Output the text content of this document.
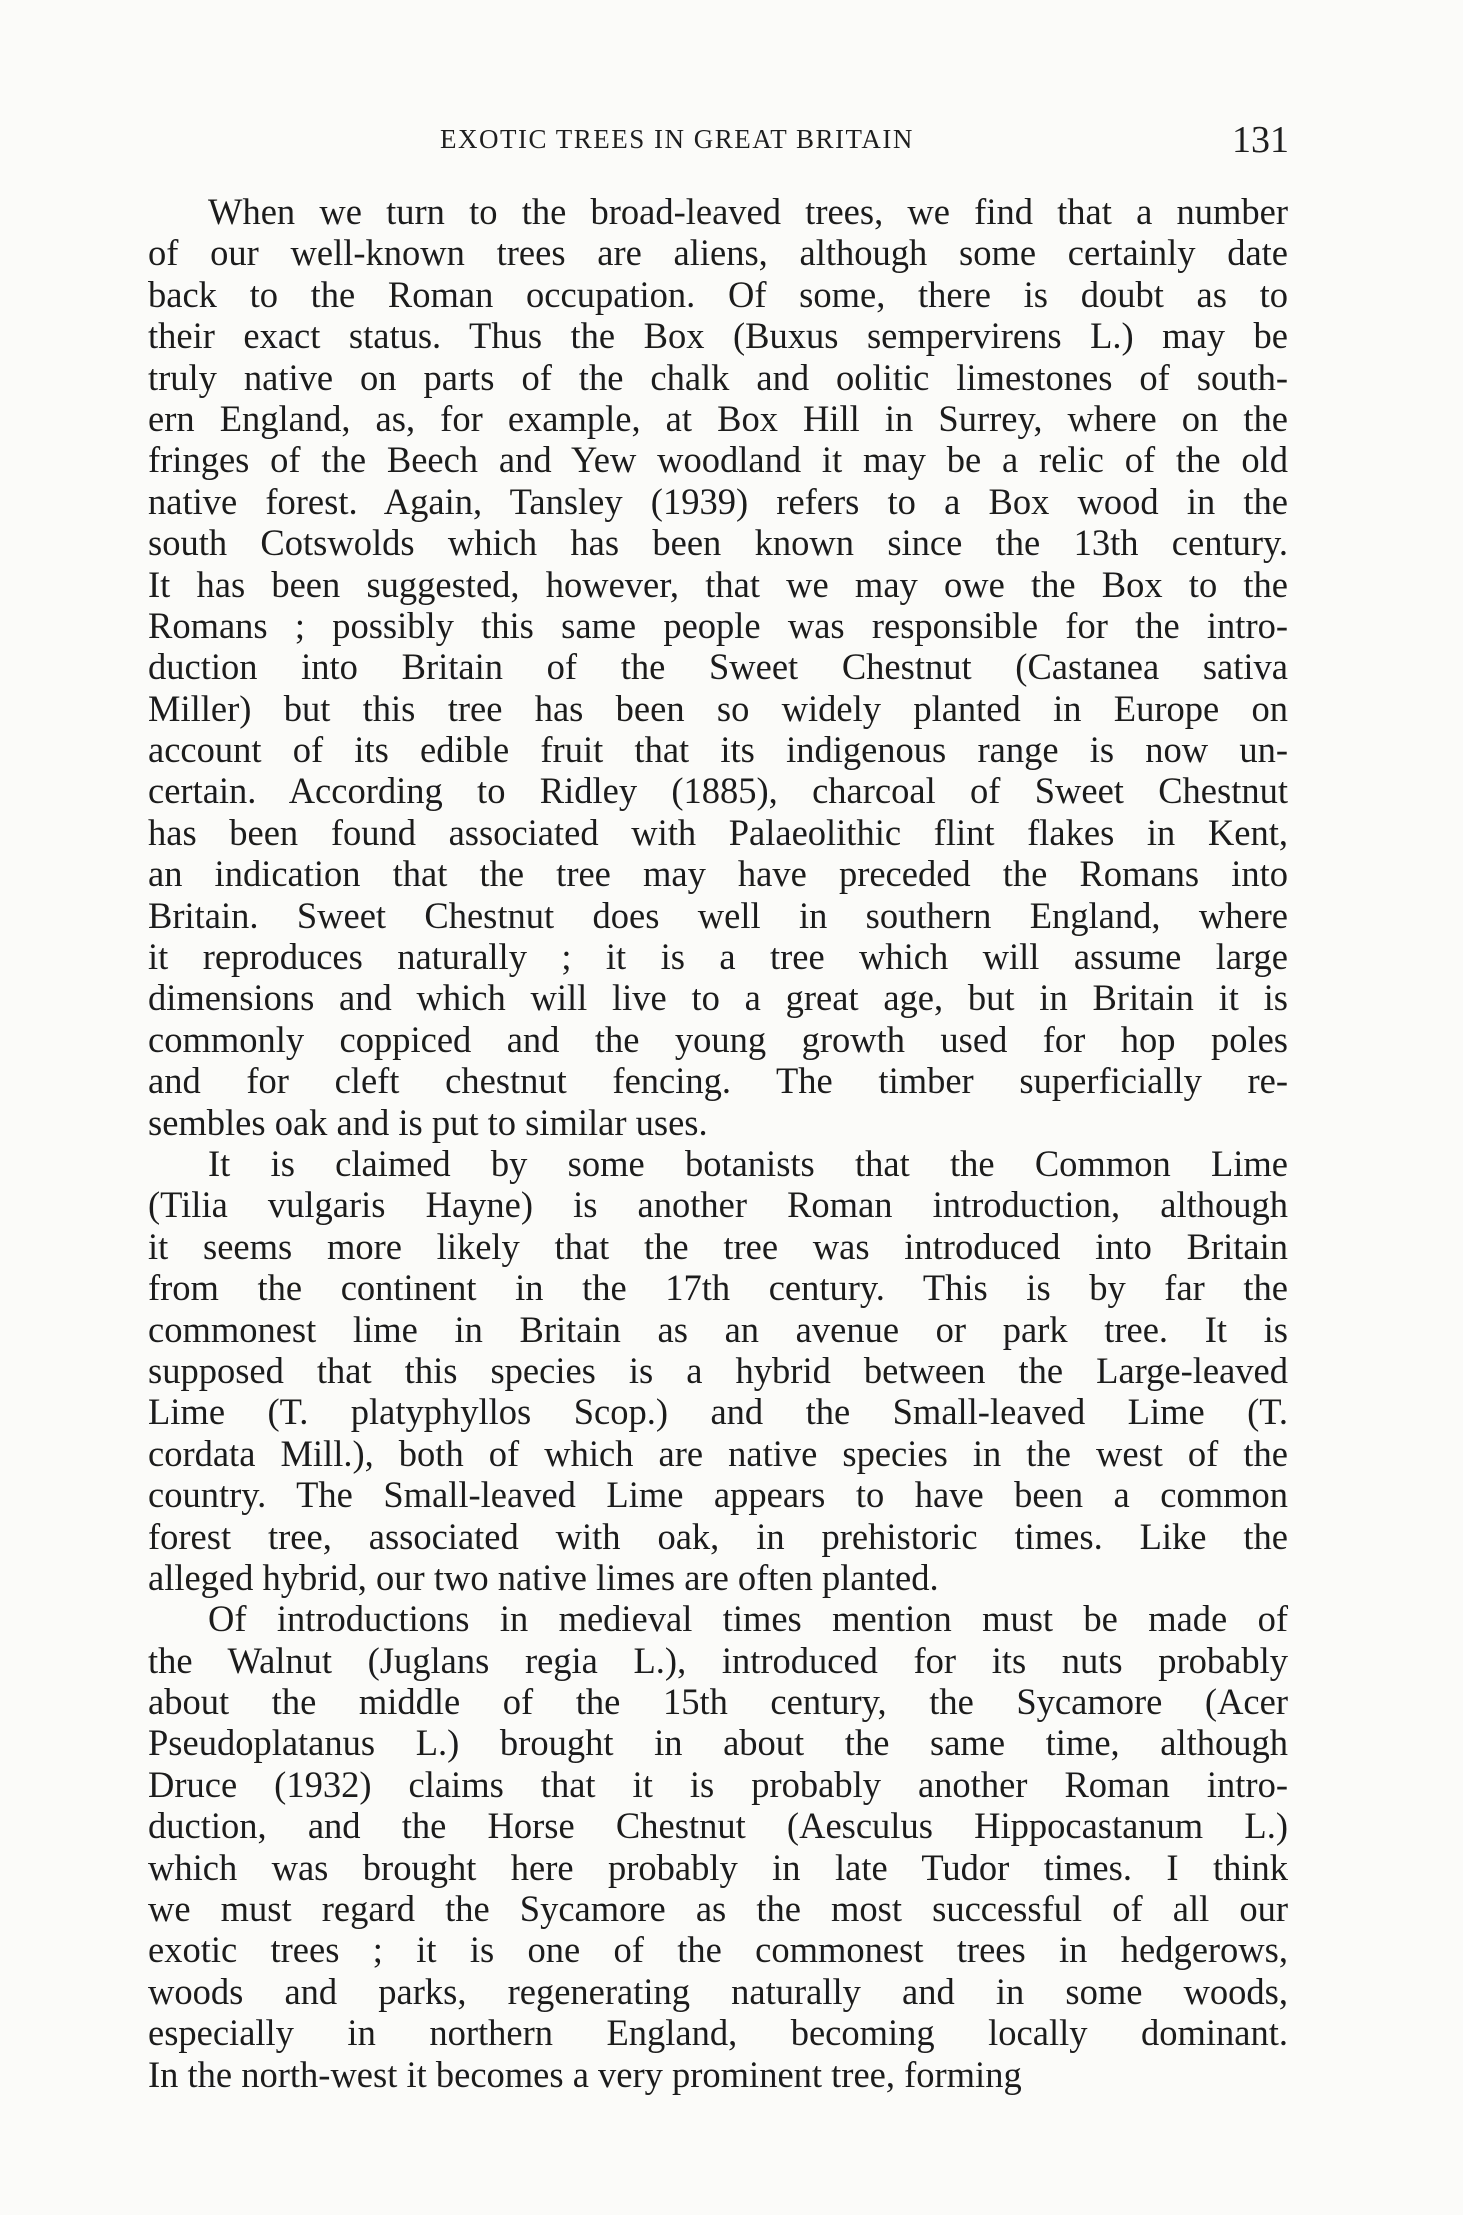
EXOTIC TREES IN GREAT BRITAIN	131
When we turn to the broad-leaved trees, we find that a number
of our well-known trees are aliens, although some certainly date
back to the Roman occupation. Of some, there is doubt as to
their exact status. Thus the Box (Buxus sempervirens L.) may be
truly native on parts of the chalk and oolitic limestones of south-
ern England, as, for example, at Box Hill in Surrey, where on the
fringes of the Beech and Yew woodland it may be a relic of the old
native forest. Again, Tansley (1939) refers to a Box wood in the
south Cotswolds which has been known since the 13th century.
It has been suggested, however, that we may owe the Box to the
Romans ; possibly this same people was responsible for the intro-
duction into Britain of the Sweet Chestnut (Castanea sativa
Miller) but this tree has been so widely planted in Europe on
account of its edible fruit that its indigenous range is now un-
certain. According to Ridley (1885), charcoal of Sweet Chestnut
has been found associated with Palaeolithic flint flakes in Kent,
an indication that the tree may have preceded the Romans into
Britain. Sweet Chestnut does well in southern England, where
it reproduces naturally ; it is a tree which will assume large
dimensions and which will live to a great age, but in Britain it is
commonly coppiced and the young growth used for hop poles
and for cleft chestnut fencing. The timber superficially re-
sembles oak and is put to similar uses.
It is claimed by some botanists that the Common Lime
(Tilia vulgaris Hayne) is another Roman introduction, although
it seems more likely that the tree was introduced into Britain
from the continent in the 17th century. This is by far the
commonest lime in Britain as an avenue or park tree. It is
supposed that this species is a hybrid between the Large-leaved
Lime (T. platyphyllos Scop.) and the Small-leaved Lime (T.
cordata Mill.), both of which are native species in the west of the
country. The Small-leaved Lime appears to have been a common
forest tree, associated with oak, in prehistoric times. Like the
alleged hybrid, our two native limes are often planted.
Of introductions in medieval times mention must be made of
the Walnut (Juglans regia L.), introduced for its nuts probably
about the middle of the 15th century, the Sycamore (Acer
Pseudoplatanus L.) brought in about the same time, although
Druce (1932) claims that it is probably another Roman intro-
duction, and the Horse Chestnut (Aesculus Hippocastanum L.)
which was brought here probably in late Tudor times. I think
we must regard the Sycamore as the most successful of all our
exotic trees ; it is one of the commonest trees in hedgerows,
woods and parks, regenerating naturally and in some woods,
especially in northern England, becoming locally dominant.
In the north-west it becomes a very prominent tree, forming
